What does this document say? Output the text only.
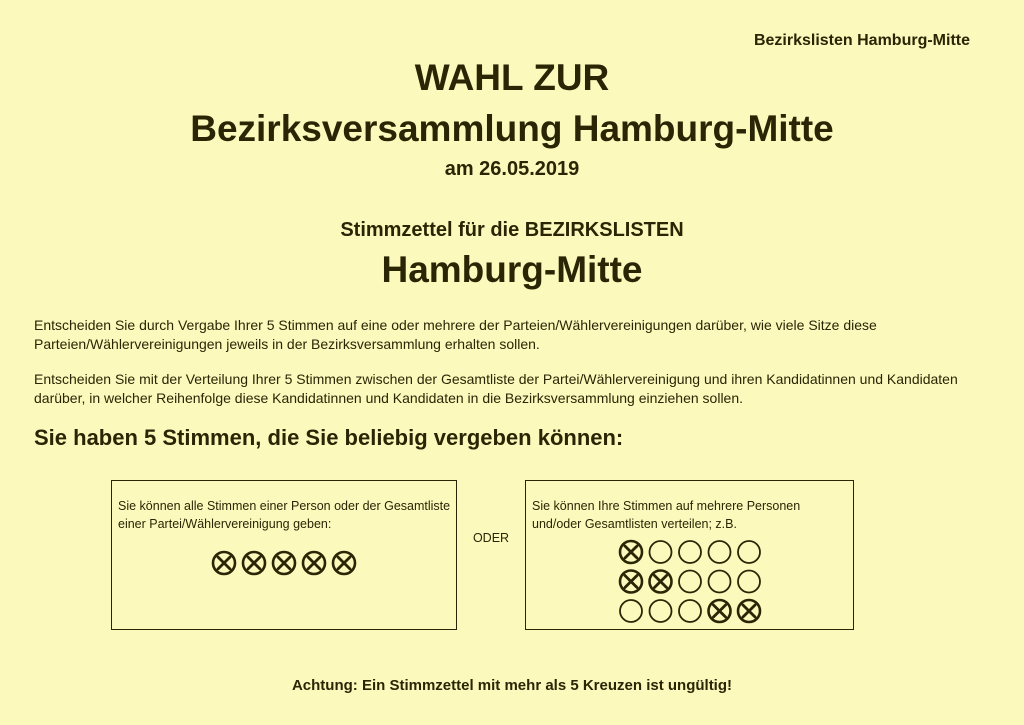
Bezirkslisten Hamburg-Mitte
WAHL ZUR
Bezirksversammlung Hamburg-Mitte
am 26.05.2019
Stimmzettel für die BEZIRKSLISTEN
Hamburg-Mitte
Entscheiden Sie durch Vergabe Ihrer 5 Stimmen auf eine oder mehrere der Parteien/Wählervereinigungen darüber, wie viele Sitze diese Parteien/Wählervereinigungen jeweils in der Bezirksversammlung erhalten sollen.
Entscheiden Sie mit der Verteilung Ihrer 5 Stimmen zwischen der Gesamtliste der Partei/Wählervereinigung und ihren Kandidatinnen und Kandidaten darüber, in welcher Reihenfolge diese Kandidatinnen und Kandidaten in die Bezirksversammlung einziehen sollen.
Sie haben 5 Stimmen, die Sie beliebig vergeben können:
Sie können alle Stimmen einer Person oder der Gesamtliste einer Partei/Wählervereinigung geben:
ODER
Sie können Ihre Stimmen auf mehrere Personen und/oder Gesamtlisten verteilen; z.B.
Achtung: Ein Stimmzettel mit mehr als 5 Kreuzen ist ungültig!
